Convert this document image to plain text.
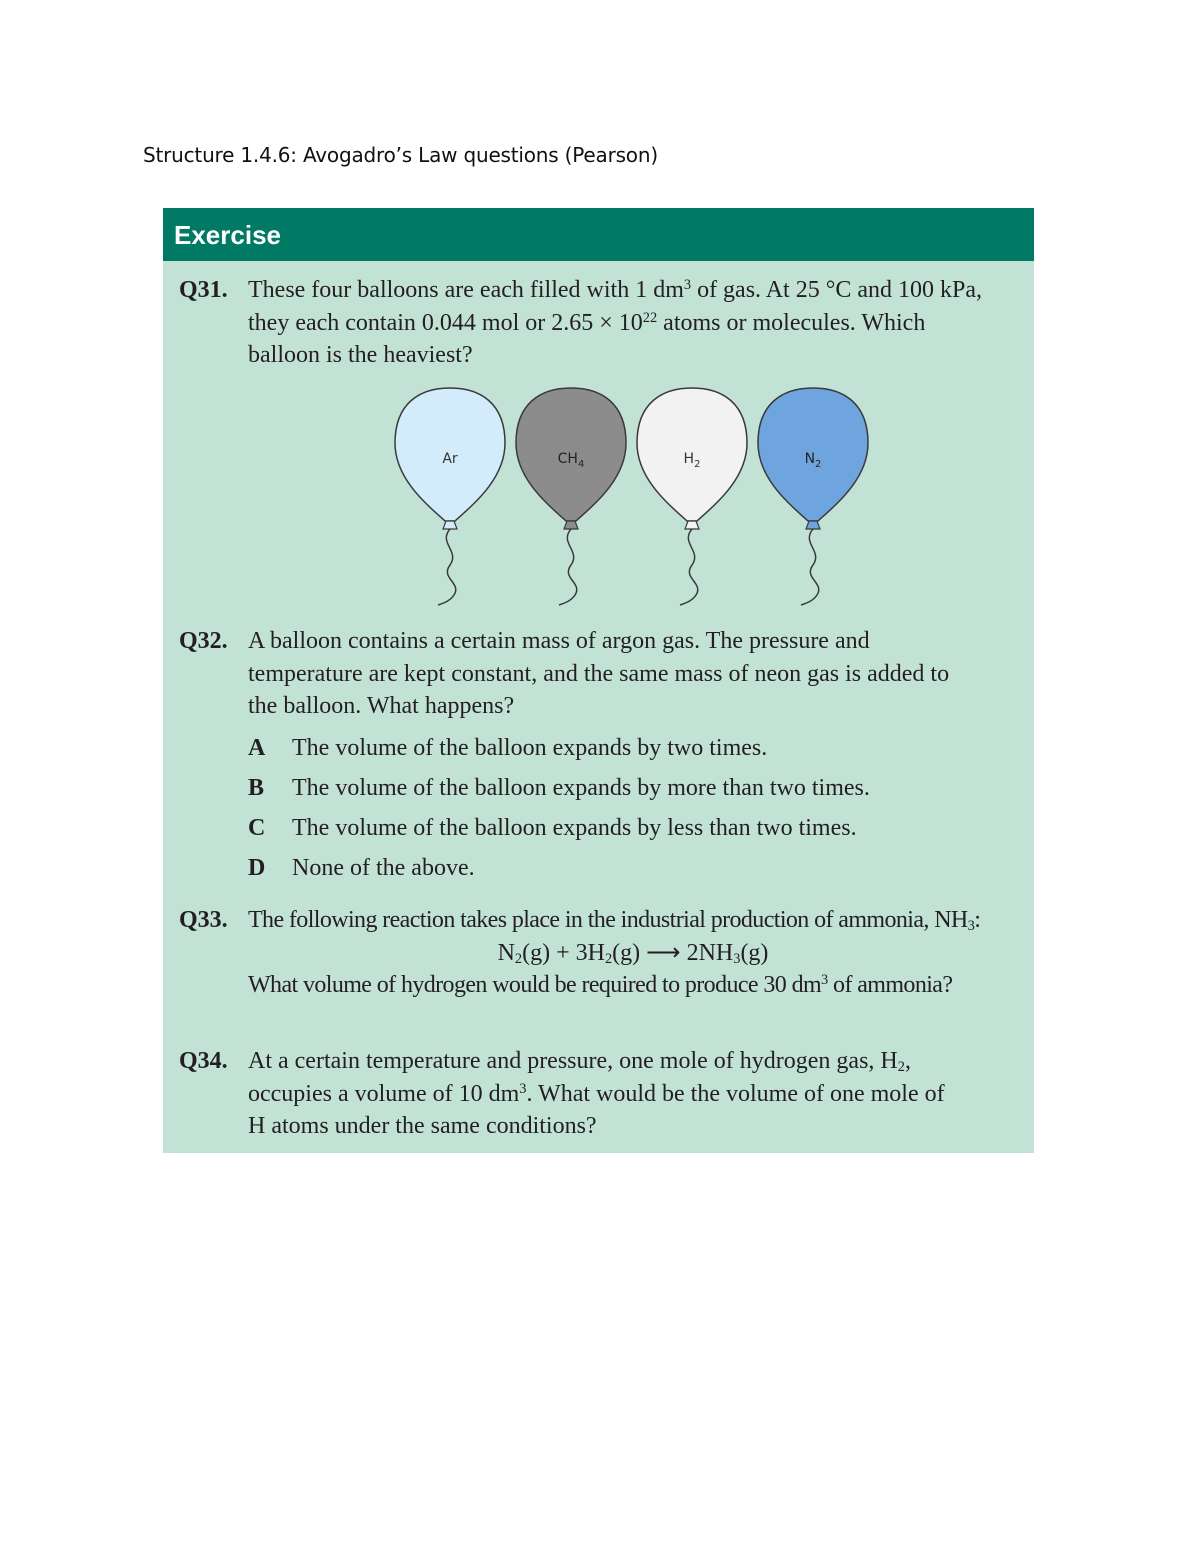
Structure 1.4.6: Avogadro’s Law questions (Pearson)
Exercise
Q31. These four balloons are each filled with 1 $dm^3$ of gas. At 25 °C and 100 kPa,

they each contain 0.044 mol or $2.65 \times 10^{22}$ atoms or molecules. Which

balloon is the heaviest?

Ar	$CH_4$	$H_2$	$N_2$
Q32. A balloon contains a certain mass of argon gas. The pressure and

temperature are kept constant, and the same mass of neon gas is added to

the balloon. What happens?

A The volume of the balloon expands by two times.
B The volume of the balloon expands by more than two times.
C The volume of the balloon expands by less than two times.
D None of the above.
Q33. The following reaction takes place in the industrial production of ammonia, $NH_3$:

$N_2(g) + 3H_2(g)$ ⟶ $2NH_3(g)$

What volume of hydrogen would be required to produce 30 $dm^3$ of ammonia?

Q34. At a certain temperature and pressure, one mole of hydrogen gas, $H_2$,

occupies a volume of 10 $dm^3$. What would be the volume of one mole of

H atoms under the same conditions?
